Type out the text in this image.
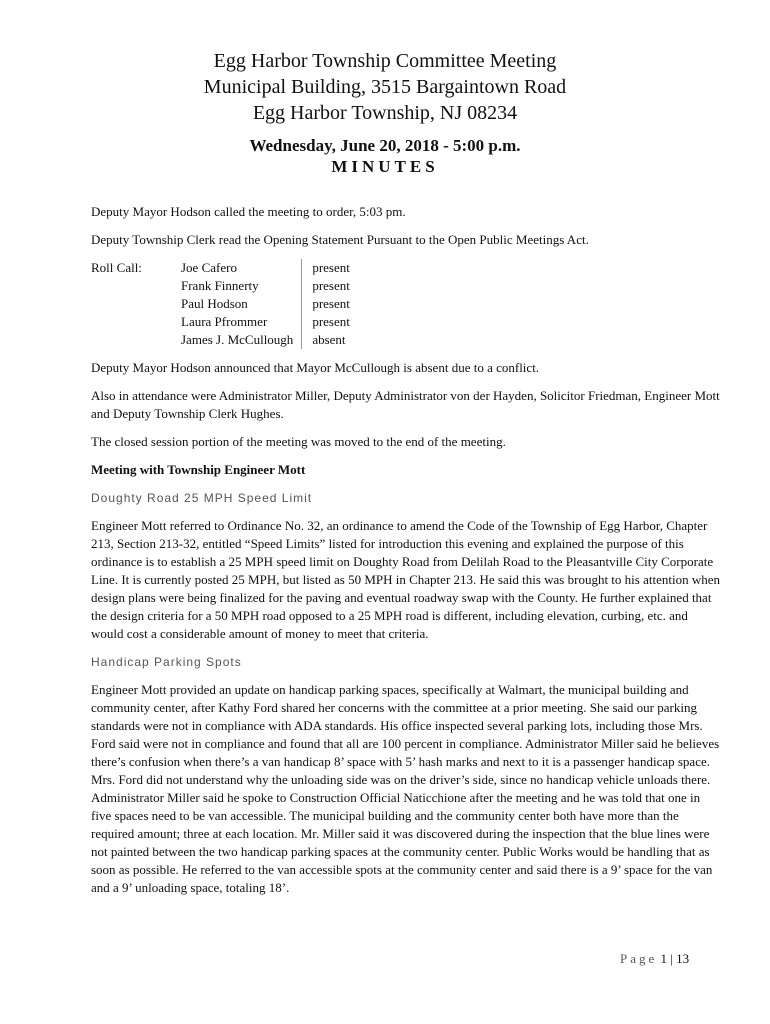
Egg Harbor Township Committee Meeting
Municipal Building, 3515 Bargaintown Road
Egg Harbor Township, NJ 08234
Wednesday, June 20, 2018 - 5:00 p.m.
MINUTES

Deputy Mayor Hodson called the meeting to order, 5:03 pm.

Deputy Township Clerk read the Opening Statement Pursuant to the Open Public Meetings Act.

Roll Call:	Joe Cafero
Frank Finnerty
Paul Hodson
Laura Pfrommer
James J. McCullough
present
present
present
present
absent

Deputy Mayor Hodson announced that Mayor McCullough is absent due to a conflict.

Also in attendance were Administrator Miller, Deputy Administrator von der Hayden, Solicitor Friedman, Engineer Mott and Deputy Township Clerk Hughes.

The closed session portion of the meeting was moved to the end of the meeting.

Meeting with Township Engineer Mott
Doughty Road 25 MPH Speed Limit

Engineer Mott referred to Ordinance No. 32, an ordinance to amend the Code of the Township of Egg Harbor, Chapter 213, Section 213-32, entitled “Speed Limits” listed for introduction this evening and explained the purpose of this ordinance is to establish a 25 MPH speed limit on Doughty Road from Delilah Road to the Pleasantville City Corporate Line. It is currently posted 25 MPH, but listed as 50 MPH in Chapter 213. He said this was brought to his attention when design plans were being finalized for the paving and eventual roadway swap with the County. He further explained that the design criteria for a 50 MPH road opposed to a 25 MPH road is different, including elevation, curbing, etc. and would cost a considerable amount of money to meet that criteria.

Handicap Parking Spots

Engineer Mott provided an update on handicap parking spaces, specifically at Walmart, the municipal building and community center, after Kathy Ford shared her concerns with the committee at a prior meeting. She said our parking standards were not in compliance with ADA standards. His office inspected several parking lots, including those Mrs. Ford said were not in compliance and found that all are 100 percent in compliance. Administrator Miller said he believes there’s confusion when there’s a van handicap 8’ space with 5’ hash marks and next to it is a passenger handicap space. Mrs. Ford did not understand why the unloading side was on the driver’s side, since no handicap vehicle unloads there. Administrator Miller said he spoke to Construction Official Naticchione after the meeting and he was told that one in five spaces need to be van accessible. The municipal building and the community center both have more than the required amount; three at each location. Mr. Miller said it was discovered during the inspection that the blue lines were not painted between the two handicap parking spaces at the community center. Public Works would be handling that as soon as possible. He referred to the van accessible spots at the community center and said there is a 9’ space for the van and a 9’ unloading space, totaling 18’.

Page 1 | 13
